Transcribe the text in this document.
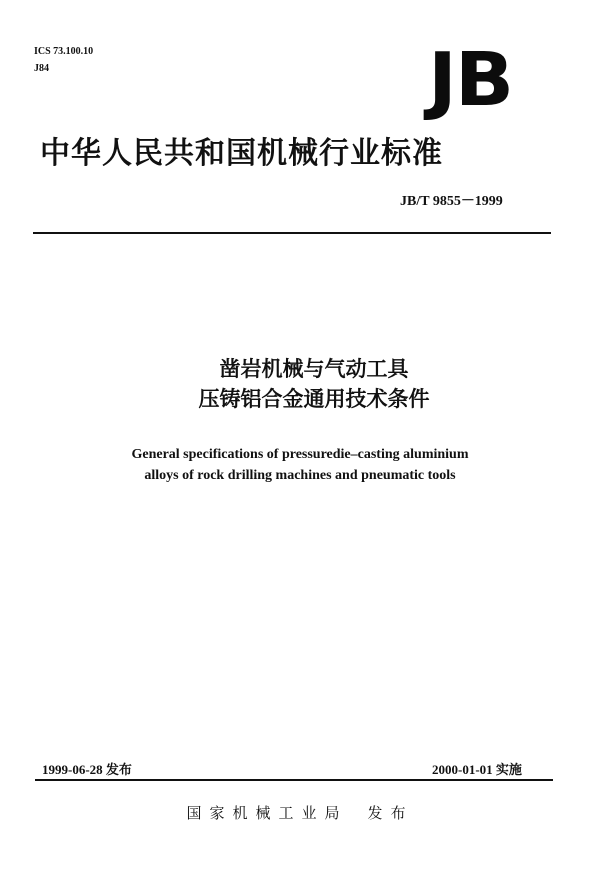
ICS 73.100.10
J84	JB
中华人民共和国机械行业标准
JB/T 9855－1999
凿岩机械与气动工具
压铸铝合金通用技术条件
General specifications of pressuredie–casting aluminium
alloys of rock drilling machines and pneumatic tools
1999-06-28 发布	2000-01-01 实施
国家机械工业局 发布
